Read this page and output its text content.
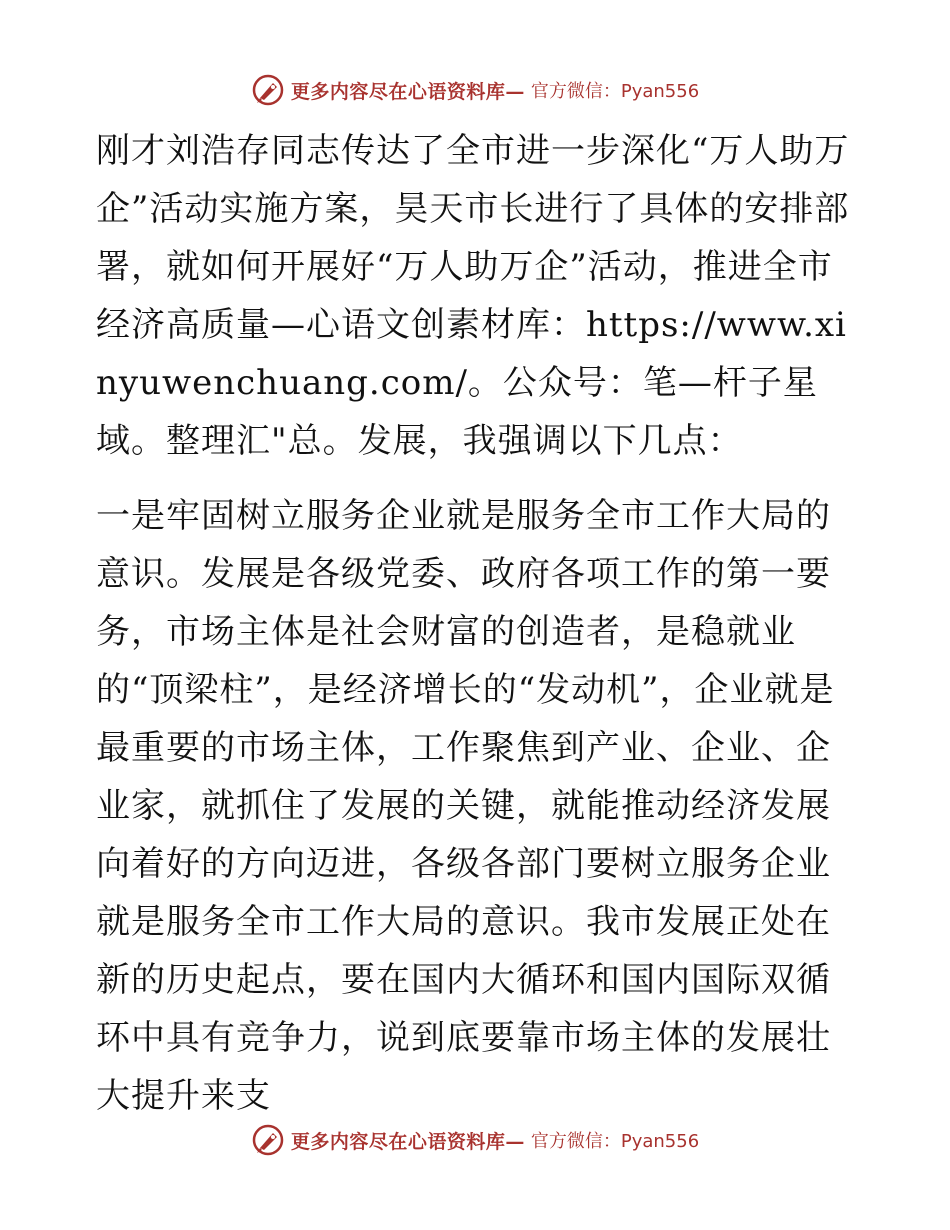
更多内容尽在心语资料库— 官方微信：Pyan556

刚才刘浩存同志传达了全市进一步深化“万人助万企”活动实施方案，昊天市长进行了具体的安排部署，就如何开展好“万人助万企”活动，推进全市经济高质量—心语文创素材库：https://www.xinyuwenchuang.com/。公众号：笔—杆子星域。整理汇"总。发展，我强调以下几点：

一是牢固树立服务企业就是服务全市工作大局的意识。发展是各级党委、政府各项工作的第一要务，市场主体是社会财富的创造者，是稳就业的“顶梁柱”，是经济增长的“发动机”，企业就是最重要的市场主体，工作聚焦到产业、企业、企业家，就抓住了发展的关键，就能推动经济发展向着好的方向迈进，各级各部门要树立服务企业就是服务全市工作大局的意识。我市发展正处在新的历史起点，要在国内大循环和国内国际双循环中具有竞争力，说到底要靠市场主体的发展壮大提升来支

更多内容尽在心语资料库— 官方微信：Pyan556
